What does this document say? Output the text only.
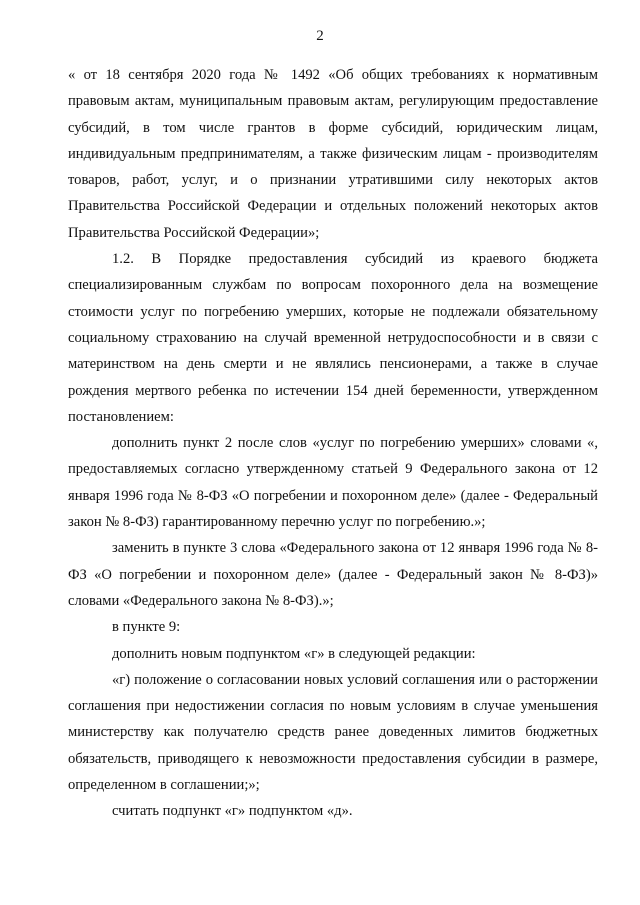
2

« от 18 сентября 2020 года № 1492 «Об общих требованиях к нормативным правовым актам, муниципальным правовым актам, регулирующим предоставление субсидий, в том числе грантов в форме субсидий, юридическим лицам, индивидуальным предпринимателям, а также физическим лицам - производителям товаров, работ, услуг, и о признании утратившими силу некоторых актов Правительства Российской Федерации и отдельных положений некоторых актов Правительства Российской Федерации»;

1.2. В Порядке предоставления субсидий из краевого бюджета специализированным службам по вопросам похоронного дела на возмещение стоимости услуг по погребению умерших, которые не подлежали обязательному социальному страхованию на случай временной нетрудоспособности и в связи с материнством на день смерти и не являлись пенсионерами, а также в случае рождения мертвого ребенка по истечении 154 дней беременности, утвержденном постановлением:

дополнить пункт 2 после слов «услуг по погребению умерших» словами «, предоставляемых согласно утвержденному статьей 9 Федерального закона от 12 января 1996 года № 8-ФЗ «О погребении и похоронном деле» (далее - Федеральный закон № 8-ФЗ) гарантированному перечню услуг по погребению.»;

заменить в пункте 3 слова «Федерального закона от 12 января 1996 года № 8-ФЗ «О погребении и похоронном деле» (далее - Федеральный закон № 8-ФЗ)» словами «Федерального закона № 8-ФЗ).»;

в пункте 9:

дополнить новым подпунктом «г» в следующей редакции:

«г) положение о согласовании новых условий соглашения или о расторжении соглашения при недостижении согласия по новым условиям в случае уменьшения министерству как получателю средств ранее доведенных лимитов бюджетных обязательств, приводящего к невозможности предоставления субсидии в размере, определенном в соглашении;»;

считать подпункт «г» подпунктом «д».
